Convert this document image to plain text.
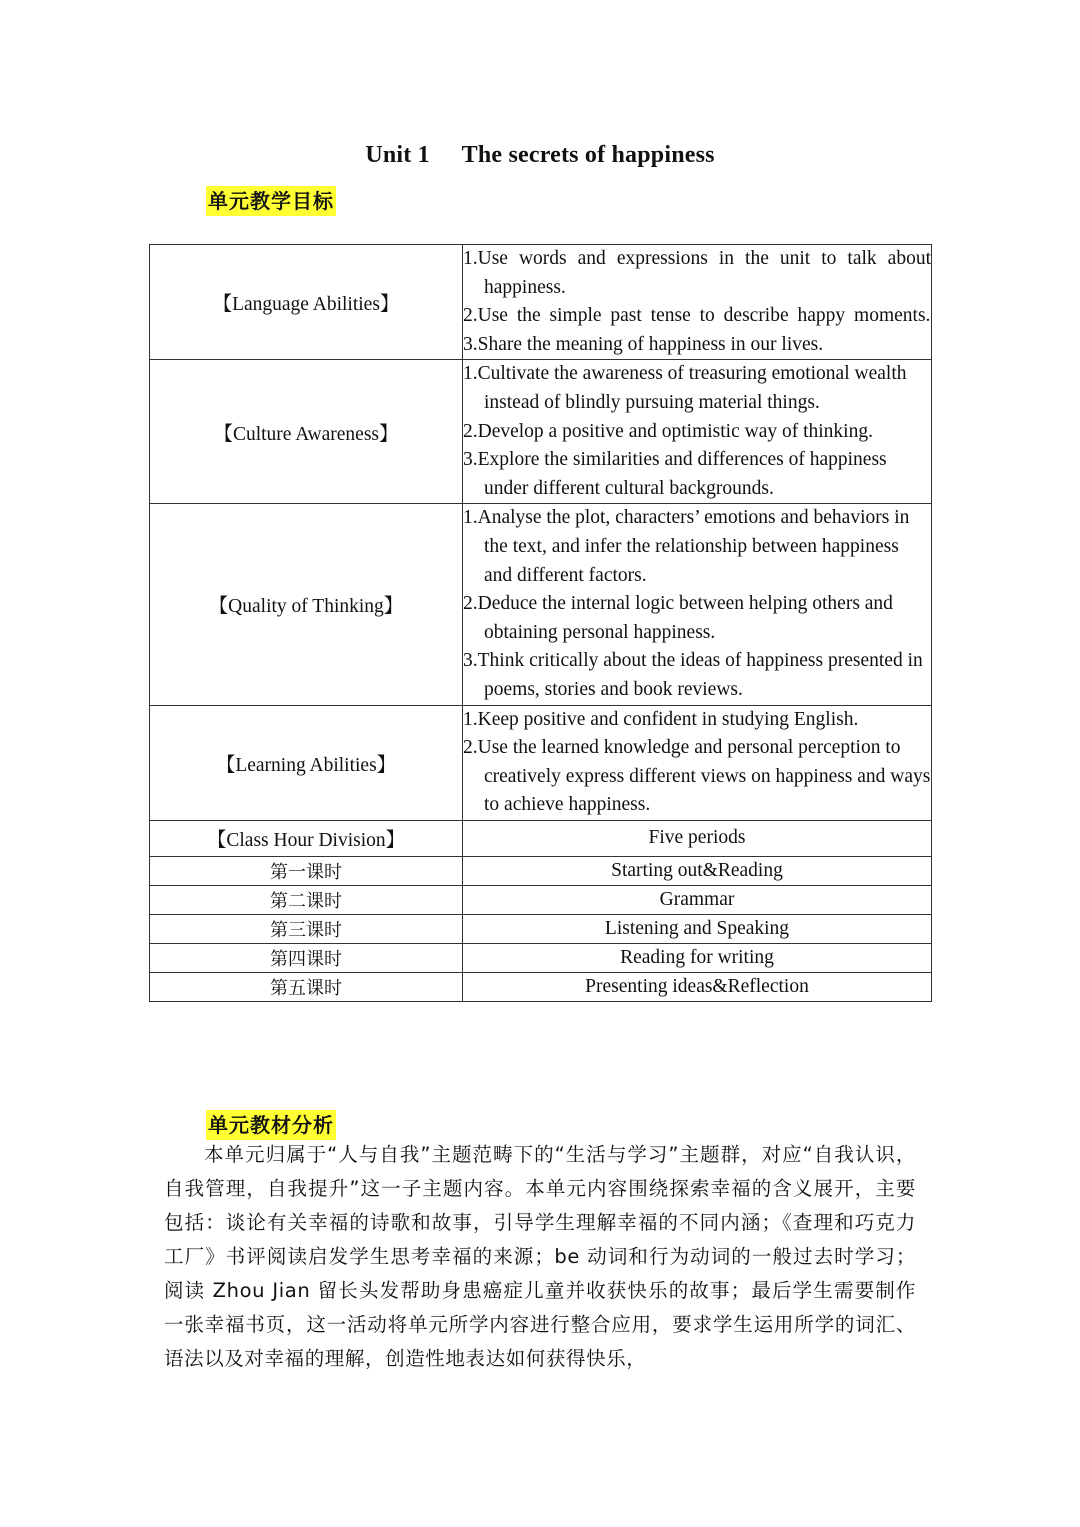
Unit 1 The secrets of happiness
单元教学目标
【Language Abilities】	1.Use words and expressions in the unit to talk about happiness.
2.Use the simple past tense to describe happy moments.
3.Share the meaning of happiness in our lives.

【Culture Awareness】	1.Cultivate the awareness of treasuring emotional wealth instead of blindly pursuing material things.
2.Develop a positive and optimistic way of thinking.
3.Explore the similarities and differences of happiness under different cultural backgrounds.

【Quality of Thinking】	1.Analyse the plot, characters’ emotions and behaviors in the text, and infer the relationship between happiness and different factors.
2.Deduce the internal logic between helping others and obtaining personal happiness.
3.Think critically about the ideas of happiness presented in poems, stories and book reviews.

【Learning Abilities】	1.Keep positive and confident in studying English.
2.Use the learned knowledge and personal perception to creatively express different views on happiness and ways to achieve happiness.

【Class Hour Division】	Five periods
第一课时	Starting out&Reading
第二课时	Grammar
第三课时	Listening and Speaking
第四课时	Reading for writing
第五课时	Presenting ideas&Reflection
单元教材分析
本单元归属于“人与自我”主题范畴下的“生活与学习”主题群，对应“自我认识，自我管理，自我提升”这一子主题内容。本单元内容围绕探索幸福的含义展开，主要包括：谈论有关幸福的诗歌和故事，引导学生理解幸福的不同内涵；《查理和巧克力工厂》书评阅读启发学生思考幸福的来源；be 动词和行为动词的一般过去时学习；阅读 Zhou Jian 留长头发帮助身患癌症儿童并收获快乐的故事；最后学生需要制作一张幸福书页，这一活动将单元所学内容进行整合应用，要求学生运用所学的词汇、语法以及对幸福的理解，创造性地表达如何获得快乐，
